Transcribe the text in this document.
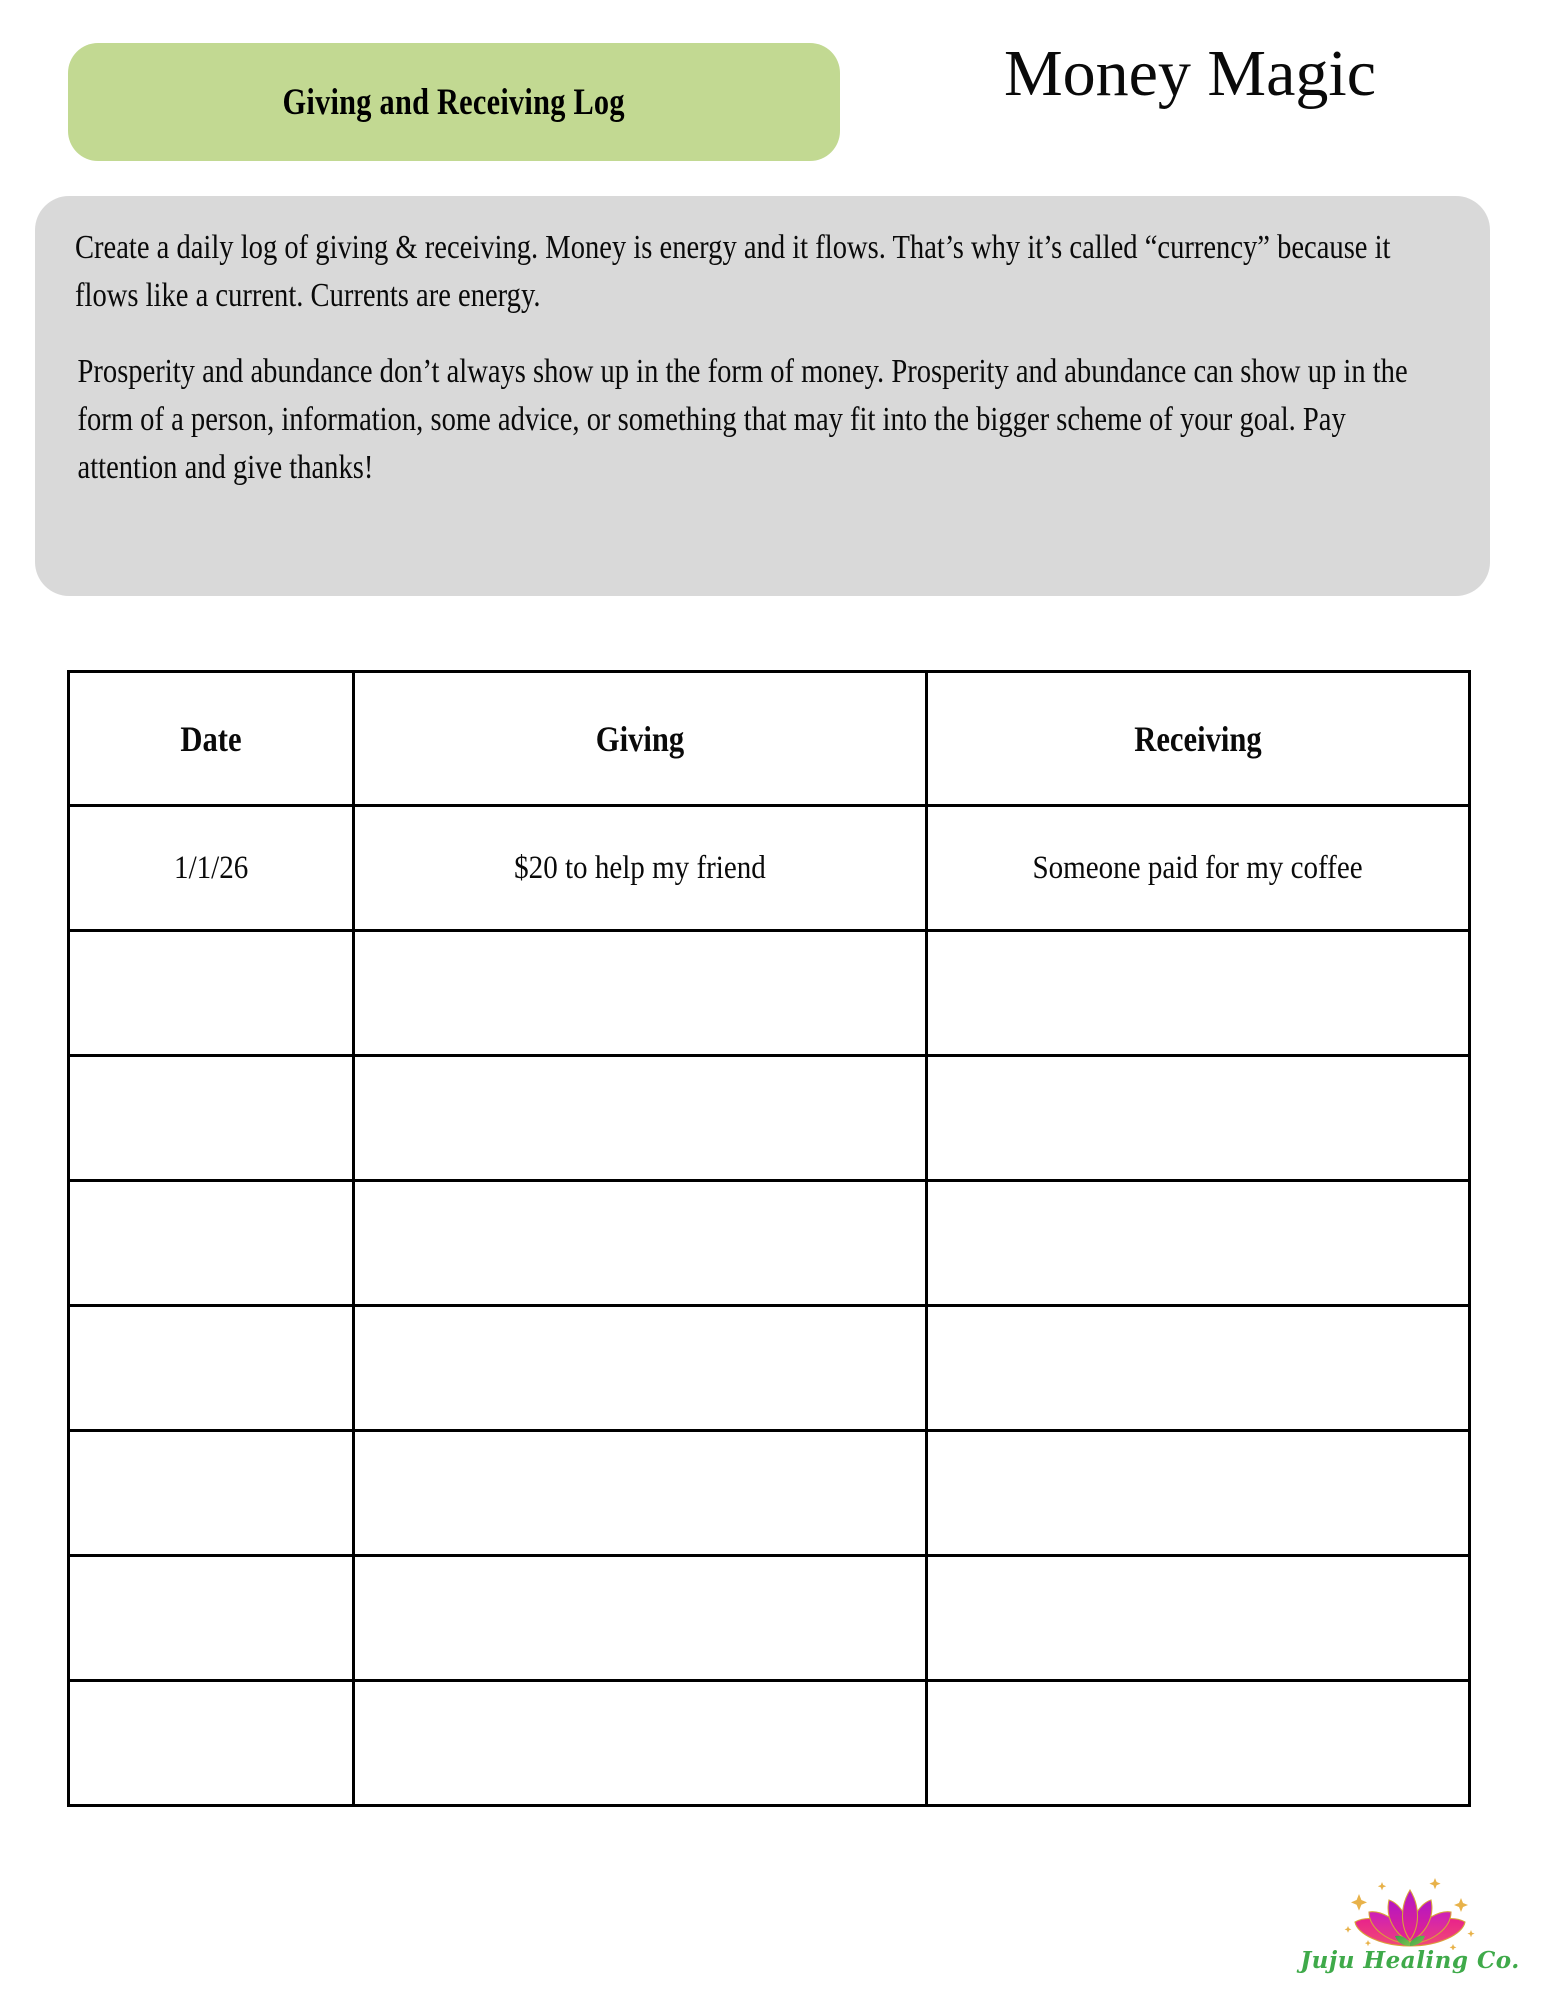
Giving and Receiving Log	Money Magic

Create a daily log of giving & receiving. Money is energy and it flows. That’s why it’s called “currency” because it flows like a current. Currents are energy.

Prosperity and abundance don’t always show up in the form of money. Prosperity and abundance can show up in the form of a person, information, some advice, or something that may fit into the bigger scheme of your goal. Pay attention and give thanks!

Date	Giving	Receiving
1/1/26	$20 to help my friend	Someone paid for my coffee

Juju Healing Co.
